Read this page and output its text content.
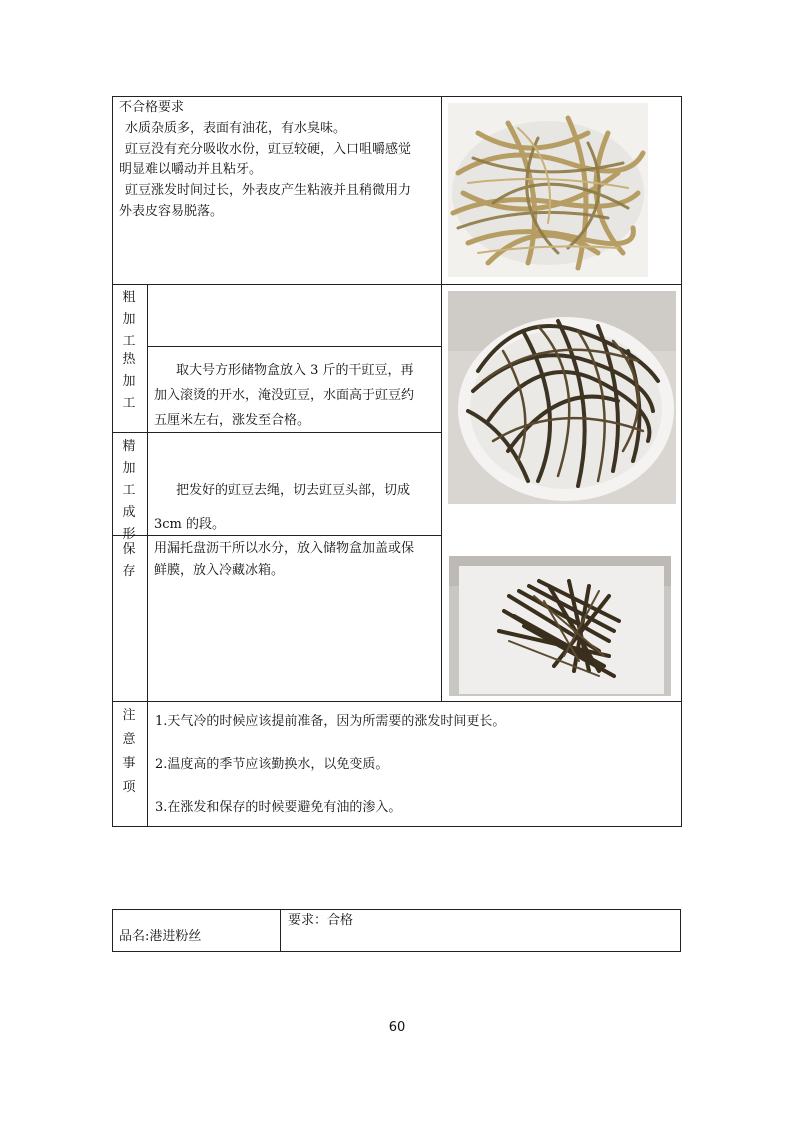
不合格要求
水质杂质多，表面有油花，有水臭味。
豇豆没有充分吸收水份，豇豆较硬，入口咀嚼感觉
明显难以嚼动并且粘牙。
豇豆涨发时间过长，外表皮产生粘液并且稍微用力
外表皮容易脱落。
粗
加
工
热
加
工
取大号方形储物盒放入 3 斤的干豇豆，再
加入滚烫的开水，淹没豇豆，水面高于豇豆约
五厘米左右，涨发至合格。
精
加
工
成
形
把发好的豇豆去绳，切去豇豆头部，切成
3cm 的段。
保
存
用漏托盘沥干所以水分，放入储物盒加盖或保
鲜膜，放入冷藏冰箱。
注
意
事
项
1.天气冷的时候应该提前准备，因为所需要的涨发时间更长。
2.温度高的季节应该勤换水，以免变质。
3.在涨发和保存的时候要避免有油的渗入。
品名:港进粉丝
要求：合格
60
